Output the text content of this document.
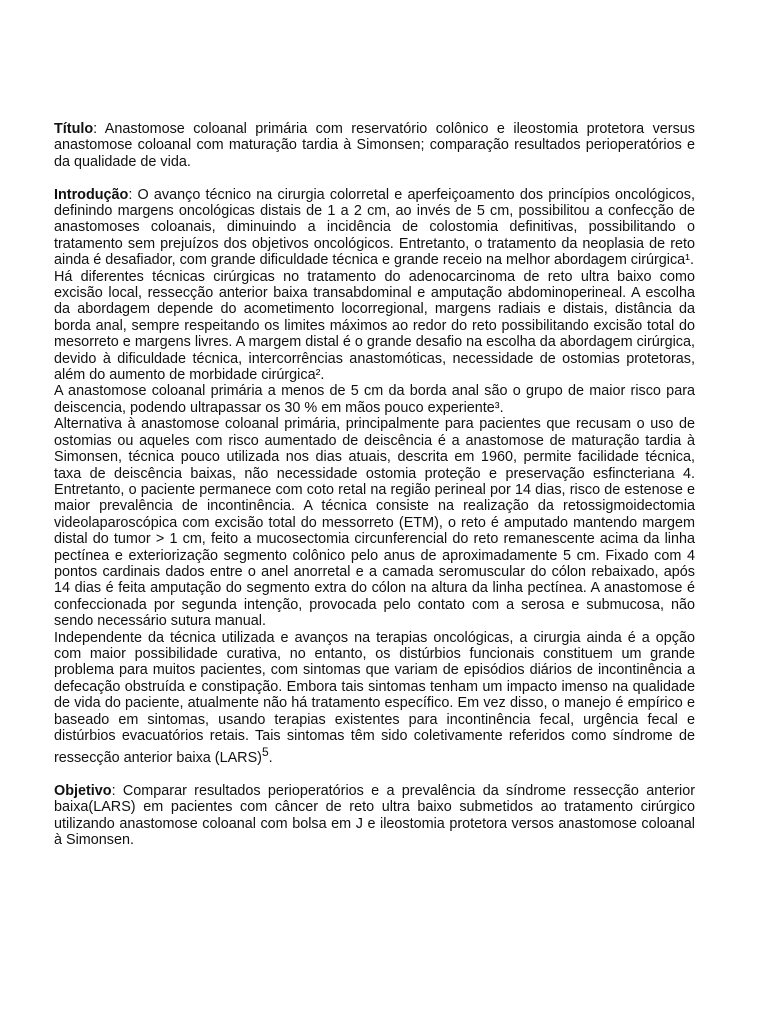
Título: Anastomose coloanal primária com reservatório colônico e ileostomia protetora versus anastomose coloanal com maturação tardia à Simonsen; comparação resultados perioperatórios e da qualidade de vida.

Introdução: O avanço técnico na cirurgia colorretal e aperfeiçoamento dos princípios oncológicos, definindo margens oncológicas distais de 1 a 2 cm, ao invés de 5 cm, possibilitou a confecção de anastomoses coloanais, diminuindo a incidência de colostomia definitivas, possibilitando o tratamento sem prejuízos dos objetivos oncológicos. Entretanto, o tratamento da neoplasia de reto ainda é desafiador, com grande dificuldade técnica e grande receio na melhor abordagem cirúrgica¹.

Há diferentes técnicas cirúrgicas no tratamento do adenocarcinoma de reto ultra baixo como excisão local, ressecção anterior baixa transabdominal e amputação abdominoperineal. A escolha da abordagem depende do acometimento locorregional, margens radiais e distais, distância da borda anal, sempre respeitando os limites máximos ao redor do reto possibilitando excisão total do mesorreto e margens livres. A margem distal é o grande desafio na escolha da abordagem cirúrgica, devido à dificuldade técnica, intercorrências anastomóticas, necessidade de ostomias protetoras, além do aumento de morbidade cirúrgica².

A anastomose coloanal primária a menos de 5 cm da borda anal são o grupo de maior risco para deiscencia, podendo ultrapassar os 30 % em mãos pouco experiente³.

Alternativa à anastomose coloanal primária, principalmente para pacientes que recusam o uso de ostomias ou aqueles com risco aumentado de deiscência é a anastomose de maturação tardia à Simonsen, técnica pouco utilizada nos dias atuais, descrita em 1960, permite facilidade técnica, taxa de deiscência baixas, não necessidade ostomia proteção e preservação esfincteriana 4. Entretanto, o paciente permanece com coto retal na região perineal por 14 dias, risco de estenose e maior prevalência de incontinência. A técnica consiste na realização da retossigmoidectomia videolaparoscópica com excisão total do messorreto (ETM), o reto é amputado mantendo margem distal do tumor > 1 cm, feito a mucosectomia circunferencial do reto remanescente acima da linha pectínea e exteriorização segmento colônico pelo anus de aproximadamente 5 cm. Fixado com 4 pontos cardinais dados entre o anel anorretal e a camada seromuscular do cólon rebaixado, após 14 dias é feita amputação do segmento extra do cólon na altura da linha pectínea. A anastomose é confeccionada por segunda intenção, provocada pelo contato com a serosa e submucosa, não sendo necessário sutura manual.

Independente da técnica utilizada e avanços na terapias oncológicas, a cirurgia ainda é a opção com maior possibilidade curativa, no entanto, os distúrbios funcionais constituem um grande problema para muitos pacientes, com sintomas que variam de episódios diários de incontinência a defecação obstruída e constipação. Embora tais sintomas tenham um impacto imenso na qualidade de vida do paciente, atualmente não há tratamento específico. Em vez disso, o manejo é empírico e baseado em sintomas, usando terapias existentes para incontinência fecal, urgência fecal e distúrbios evacuatórios retais. Tais sintomas têm sido coletivamente referidos como síndrome de ressecção anterior baixa (LARS)$^5$.

Objetivo: Comparar resultados perioperatórios e a prevalência da síndrome ressecção anterior baixa(LARS) em pacientes com câncer de reto ultra baixo submetidos ao tratamento cirúrgico utilizando anastomose coloanal com bolsa em J e ileostomia protetora versos anastomose coloanal à Simonsen.
